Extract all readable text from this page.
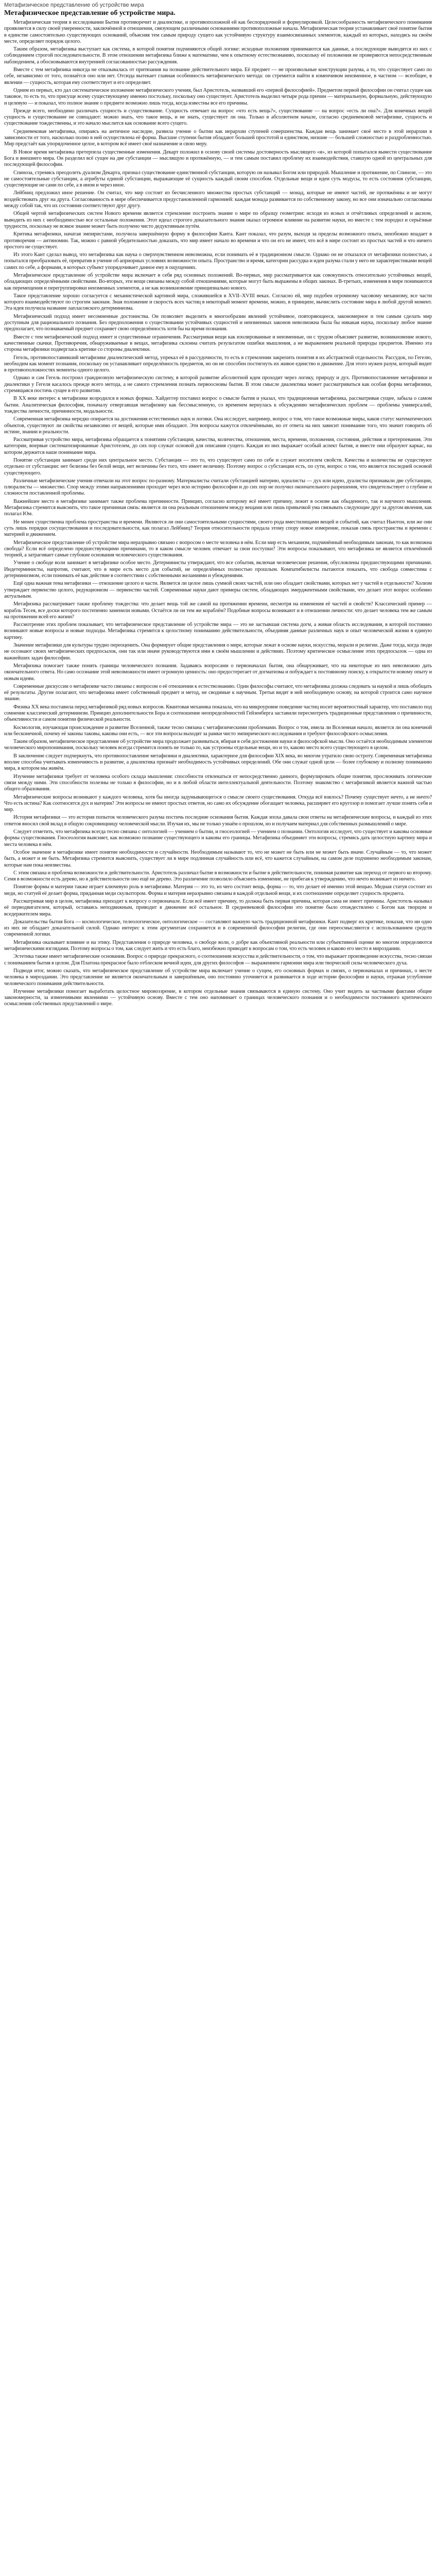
Метафизическое представление об устройстве мира
Метафизическое представление об устройстве мира.

Метафизическая теория в исследовании Бытия противоречит и диалектике, и противоположной ей как беспорядочной и формулировкой. Целесообразность метафизического понимания проявляется в силу своей умеренности, заключённой в отношении, связующем различными основаниями противоположные начала. Метафизическая теория устанавливает своё понятие бытия в единстве самостоятельно существующих оснований, объясняя тем самым природу сущего как устойчивую структуру взаимосвязанных элементов, каждый из которых, находясь на своём месте, определяет порядок целого.

Таким образом, метафизика выступает как система, в которой понятия подчиняются общей логике: исходные положения принимаются как данные, а последующие выводятся из них с соблюдением строгой последовательности. В этом отношении метафизика ближе к математике, чем к опытному естествознанию, поскольку её положения не проверяются непосредственным наблюдением, а обосновываются внутренней согласованностью рассуждения.

Вместе с тем метафизика никогда не отказывалась от притязания на познание действительного мира. Её предмет — не произвольные конструкции разума, а то, что существует само по себе, независимо от того, познаётся оно или нет. Отсюда вытекает главная особенность метафизического метода: он стремится найти в изменчивом неизменное, в частном — всеобщее, в явлении — сущность, которая ему соответствует и его определяет.

Одним из первых, кто дал систематическое изложение метафизического учения, был Аристотель, назвавший его «первой философией». Предметом первой философии он считал сущее как таковое, то есть то, что присуще всему существующему именно постольку, поскольку оно существует. Аристотель выделил четыре рода причин — материальную, формальную, действующую и целевую — и показал, что полное знание о предмете возможно лишь тогда, когда известны все его причины.

Прежде всего, необходимо различать сущность и существование. Сущность отвечает на вопрос «что есть вещь?», существование — на вопрос «есть ли она?». Для конечных вещей сущность и существование не совпадают: можно знать, что такое вещь, и не знать, существует ли она. Только в абсолютном начале, согласно средневековой метафизике, сущность и существование тождественны, и это начало мыслится как основание всего сущего.

Средневековая метафизика, опираясь на античное наследие, развила учение о бытии как иерархии ступеней совершенства. Каждая вещь занимает своё место в этой иерархии в зависимости от того, насколько полно в ней осуществлена её форма. Высшие ступени бытия обладают большей простотой и единством, низшие — большей сложностью и раздробленностью. Мир предстаёт как упорядоченное целое, в котором всё имеет своё назначение и свою меру.

В Новое время метафизика претерпела существенные изменения. Декарт положил в основу своей системы достоверность мыслящего «я», из которой попытался вывести существование Бога и внешнего мира. Он разделил всё сущее на две субстанции — мыслящую и протяжённую, — и тем самым поставил проблему их взаимодействия, ставшую одной из центральных для последующей философии.

Спиноза, стремясь преодолеть дуализм Декарта, признал существование единственной субстанции, которую он называл Богом или природой. Мышление и протяжение, по Спинозе, — это не самостоятельные субстанции, а атрибуты единой субстанции, выражающие её сущность каждый своим способом. Отдельные вещи и идеи суть модусы, то есть состояния субстанции, существующие не сами по себе, а в ином и через иное.

Лейбниц предложил иное решение. Он считал, что мир состоит из бесчисленного множества простых субстанций — монад, которые не имеют частей, не протяжённы и не могут воздействовать друг на друга. Согласованность в мире обеспечивается предустановленной гармонией: каждая монада развивается по собственному закону, но все они изначально согласованы между собой так, что их состояния соответствуют друг другу.

Общей чертой метафизических систем Нового времени является стремление построить знание о мире по образцу геометрии: исходя из ясных и отчётливых определений и аксиом, выводить из них с необходимостью все остальные положения. Этот идеал строгого доказательного знания оказал огромное влияние на развитие науки, но вместе с тем породил и серьёзные трудности, поскольку не всякое знание может быть получено чисто дедуктивным путём.

Критика метафизики, начатая эмпиристами, получила завершённую форму в философии Канта. Кант показал, что разум, выходя за пределы возможного опыта, неизбежно впадает в противоречия — антиномии. Так, можно с равной убедительностью доказать, что мир имеет начало во времени и что он его не имеет, что всё в мире состоит из простых частей и что ничего простого не существует.

Из этого Кант сделал вывод, что метафизика как наука о сверхчувственном невозможна, если понимать её в традиционном смысле. Однако он не отказался от метафизики полностью, а попытался преобразовать её, превратив в учение об априорных условиях возможности опыта. Пространство и время, категории рассудка и идеи разума стали у него не характеристиками вещей самих по себе, а формами, в которых субъект упорядочивает данное ему в ощущениях.

Метафизическое представление об устройстве мира включает в себя ряд основных положений. Во-первых, мир рассматривается как совокупность относительно устойчивых вещей, обладающих определёнными свойствами. Во-вторых, эти вещи связаны между собой отношениями, которые могут быть выражены в общих законах. В-третьих, изменения в мире понимаются как перемещения и перегруппировки неизменных элементов, а не как возникновение принципиально нового.

Такое представление хорошо согласуется с механистической картиной мира, сложившейся в XVII–XVIII веках. Согласно ей, мир подобен огромному часовому механизму, все части которого взаимодействуют по строгим законам. Зная положение и скорость всех частиц в некоторый момент времени, можно, в принципе, вычислить состояние мира в любой другой момент. Эта идея получила название лапласовского детерминизма.

Метафизический подход имеет несомненные достоинства. Он позволяет выделить в многообразии явлений устойчивое, повторяющееся, закономерное и тем самым сделать мир доступным для рационального познания. Без предположения о существовании устойчивых сущностей и неизменных законов невозможна была бы никакая наука, поскольку любое знание предполагает, что познаваемый предмет сохраняет свою определённость хотя бы на время познания.

Вместе с тем метафизический подход имеет и существенные ограничения. Рассматривая вещи как изолированные и неизменные, он с трудом объясняет развитие, возникновение нового, качественные скачки. Противоречия, обнаруживаемые в вещах, метафизика склонна считать результатом ошибки мышления, а не выражением реальной природы предметов. Именно эта сторона метафизики подверглась критике со стороны диалектики.

Гегель, противопоставивший метафизике диалектический метод, упрекал её в рассудочности, то есть в стремлении закрепить понятия в их абстрактной отдельности. Рассудок, по Гегелю, необходим как момент познания, поскольку он устанавливает определённость предметов, но он не способен постигнуть их живое единство и движение. Для этого нужен разум, который видит в противоположностях моменты одного целого.

Однако и сам Гегель построил грандиозную метафизическую систему, в которой развитие абсолютной идеи проходит через логику, природу и дух. Противопоставление метафизики и диалектики у Гегеля касалось прежде всего метода, а не самого стремления познать первоосновы бытия. В этом смысле диалектика может рассматриваться как особая форма метафизики, стремящаяся постичь сущее в его развитии.

В XX веке интерес к метафизике возродился в новых формах. Хайдеггер поставил вопрос о смысле бытия и указал, что традиционная метафизика, рассматривая сущее, забыла о самом бытии. Аналитическая философия, поначалу отвергавшая метафизику как бессмысленную, со временем вернулась к обсуждению метафизических проблем — проблемы универсалий, тождества личности, причинности, модальности.

Современная метафизика нередко опирается на достижения естественных наук и логики. Она исследует, например, вопрос о том, что такое возможные миры, каков статус математических объектов, существуют ли свойства независимо от вещей, которые ими обладают. Эти вопросы кажутся отвлечёнными, но от ответа на них зависит понимание того, что значит говорить об истине, знании и реальности.

Рассматривая устройство мира, метафизика обращается к понятиям субстанции, качества, количества, отношения, места, времени, положения, состояния, действия и претерпевания. Эти категории, впервые систематизированные Аристотелем, до сих пор служат основой для описания сущего. Каждая из них выражает особый аспект бытия, и вместе они образуют каркас, на котором держится наше понимание мира.

Понятие субстанции занимает среди них центральное место. Субстанция — это то, что существует само по себе и служит носителем свойств. Качества и количества не существуют отдельно от субстанции: нет белизны без белой вещи, нет величины без того, что имеет величину. Поэтому вопрос о субстанции есть, по сути, вопрос о том, что является последней основой существующего.

Различные метафизические учения отвечали на этот вопрос по-разному. Материалисты считали субстанцией материю, идеалисты — дух или идею, дуалисты признавали две субстанции, плюралисты — множество. Спор между этими направлениями проходит через всю историю философии и до сих пор не получил окончательного разрешения, что свидетельствует о глубине и сложности поставленной проблемы.

Важнейшее место в метафизике занимает также проблема причинности. Принцип, согласно которому всё имеет причину, лежит в основе как обыденного, так и научного мышления. Метафизика стремится выяснить, что такое причинная связь: является ли она реальным отношением между вещами или лишь привычкой ума связывать следующие друг за другом явления, как полагал Юм.

Не менее существенна проблема пространства и времени. Являются ли они самостоятельными сущностями, своего рода вместилищами вещей и событий, как считал Ньютон, или же они суть лишь порядки сосуществования и последовательности, как полагал Лейбниц? Теория относительности придала этому спору новое измерение, показав связь пространства и времени с материей и движением.

Метафизическое представление об устройстве мира неразрывно связано с вопросом о месте человека в нём. Если мир есть механизм, подчинённый необходимым законам, то как возможна свобода? Если всё определено предшествующими причинами, то в каком смысле человек отвечает за свои поступки? Эти вопросы показывают, что метафизика не является отвлечённой теорией, а затрагивает самые глубокие основания человеческого существования.

Учение о свободе воли занимает в метафизике особое место. Детерминисты утверждают, что все события, включая человеческие решения, обусловлены предшествующими причинами. Индетерминисты, напротив, считают, что в мире есть место для событий, не определённых полностью прошлым. Компатибилисты пытаются показать, что свобода совместима с детерминизмом, если понимать её как действие в соответствии с собственными желаниями и убеждениями.

Ещё одна важная тема метафизики — отношение целого и части. Является ли целое лишь суммой своих частей, или оно обладает свойствами, которых нет у частей в отдельности? Холизм утверждает первенство целого, редукционизм — первенство частей. Современные науки дают примеры систем, обладающих эмерджентными свойствами, что делает этот вопрос особенно актуальным.

Метафизика рассматривает также проблему тождества: что делает вещь той же самой на протяжении времени, несмотря на изменения её частей и свойств? Классический пример — корабль Тесея, все доски которого постепенно заменили новыми. Остаётся ли он тем же кораблём? Подобные вопросы возникают и в отношении личности: что делает человека тем же самым на протяжении всей его жизни?

Рассмотрение этих проблем показывает, что метафизическое представление об устройстве мира — это не застывшая система догм, а живая область исследования, в которой постоянно возникают новые вопросы и новые подходы. Метафизика стремится к целостному пониманию действительности, объединяя данные различных наук и опыт человеческой жизни в единую картину.

Значение метафизики для культуры трудно переоценить. Она формирует общие представления о мире, которые лежат в основе науки, искусства, морали и религии. Даже тогда, когда люди не осознают своих метафизических предпосылок, они так или иначе руководствуются ими в своём мышлении и действиях. Поэтому критическое осмысление этих предпосылок — одна из важнейших задач философии.

Метафизика помогает также понять границы человеческого познания. Задаваясь вопросами о первоначалах бытия, она обнаруживает, что на некоторые из них невозможно дать окончательного ответа. Но само осознание этой невозможности имеет огромную ценность: оно предостерегает от догматизма и побуждает к постоянному поиску, к открытости новому опыту и новым идеям.

Современные дискуссии о метафизике часто связаны с вопросом о её отношении к естествознанию. Одни философы считают, что метафизика должна следовать за наукой и лишь обобщать её результаты. Другие полагают, что метафизика имеет собственный предмет и метод, не сводимые к научным. Третьи видят в ней необходимую основу, на которой строится само научное знание.

Физика XX века поставила перед метафизикой ряд новых вопросов. Квантовая механика показала, что на микроуровне поведение частиц носит вероятностный характер, что поставило под сомнение классический детерминизм. Принцип дополнительности Бора и соотношение неопределённостей Гейзенберга заставили пересмотреть традиционные представления о причинности, объективности и самом понятии физической реальности.

Космология, изучающая происхождение и развитие Вселенной, также тесно связана с метафизическими проблемами. Вопрос о том, имела ли Вселенная начало, является ли она конечной или бесконечной, почему её законы таковы, каковы они есть, — все эти вопросы выходят за рамки чисто эмпирического исследования и требуют философского осмысления.

Таким образом, метафизическое представление об устройстве мира продолжает развиваться, вбирая в себя достижения науки и философской мысли. Оно остаётся необходимым элементом человеческого миропонимания, поскольку человек всегда стремится понять не только то, как устроены отдельные вещи, но и то, каково место всего существующего в целом.

В заключение следует подчеркнуть, что противопоставление метафизики и диалектики, характерное для философии XIX века, во многом утратило свою остроту. Современная метафизика вполне способна учитывать изменчивость и развитие, а диалектика признаёт необходимость устойчивых определений. Обе они служат одной цели — более глубокому и полному пониманию мира, в котором мы живём.

Изучение метафизики требует от человека особого склада мышления: способности отвлекаться от непосредственно данного, формулировать общие понятия, прослеживать логические связи между ними. Эти способности полезны не только в философии, но и в любой области интеллектуальной деятельности. Поэтому знакомство с метафизикой является важной частью общего образования.

Метафизические вопросы возникают у каждого человека, хотя бы иногда задумывающегося о смысле своего существования. Откуда всё взялось? Почему существует нечто, а не ничто? Что есть истина? Как соотносятся дух и материя? Эти вопросы не имеют простых ответов, но само их обсуждение обогащает человека, расширяет его кругозор и помогает лучше понять себя и мир.

История метафизики — это история попыток человеческого разума постичь последние основания бытия. Каждая эпоха давала свои ответы на метафизические вопросы, и каждый из этих ответов вносил свой вклад в общую сокровищницу человеческой мысли. Изучая их, мы не только узнаём о прошлом, но и получаем материал для собственных размышлений о мире.

Следует отметить, что метафизика всегда тесно связана с онтологией — учением о бытии, и гносеологией — учением о познании. Онтология исследует, что существует и каковы основные формы существования. Гносеология выясняет, как возможно познание существующего и каковы его границы. Метафизика объединяет эти вопросы, стремясь дать целостную картину мира и места человека в нём.

Особое значение в метафизике имеет понятие необходимости и случайности. Необходимым называют то, что не может не быть или не может быть иначе. Случайным — то, что может быть, а может и не быть. Метафизика стремится выяснить, существует ли в мире подлинная случайность или всё, что кажется случайным, на самом деле подчинено необходимым законам, которые нам пока неизвестны.

С этим связана и проблема возможности и действительности. Аристотель различал бытие в возможности и бытие в действительности, понимая развитие как переход от первого ко второму. Семя в возможности есть дерево, но в действительности оно ещё не дерево. Это различение позволило объяснить изменение, не прибегая к утверждению, что нечто возникает из ничего.

Понятие формы и материи также играет ключевую роль в метафизике. Материя — это то, из чего состоит вещь, форма — то, что делает её именно этой вещью. Медная статуя состоит из меди, но статуей её делает форма, приданная меди скульптором. Форма и материя неразрывно связаны в каждой отдельной вещи, и их соотношение определяет сущность предмета.

Рассматривая мир в целом, метафизика приходит к вопросу о первоначале. Если всё имеет причину, то должна быть первая причина, которая сама не имеет причины. Аристотель называл её перводвигателем, который, оставаясь неподвижным, приводит в движение всё остальное. В средневековой философии это понятие было отождествлено с Богом как творцом и вседержителем мира.

Доказательства бытия Бога — космологическое, телеологическое, онтологическое — составляют важную часть традиционной метафизики. Кант подверг их критике, показав, что ни одно из них не обладает доказательной силой. Однако интерес к этим аргументам сохраняется и в современной философии религии, где они переосмысляются с использованием средств современной логики.

Метафизика оказывает влияние и на этику. Представления о природе человека, о свободе воли, о добре как объективной реальности или субъективной оценке во многом определяются метафизическими взглядами. Поэтому вопросы о том, как следует жить и что есть благо, неизбежно приводят к вопросам о том, что есть человек и каково его место в мироздании.

Эстетика также имеет метафизические основания. Вопрос о природе прекрасного, о соотношении искусства и действительности, о том, что выражает произведение искусства, тесно связан с пониманием бытия в целом. Для Платона прекрасное было отблеском вечной идеи, для других философов — выражением гармонии мира или творческой силы человеческого духа.

Подводя итог, можно сказать, что метафизическое представление об устройстве мира включает учение о сущем, его основных формах и связях, о первоначалах и причинах, о месте человека в мироздании. Это представление не является окончательным и завершённым, оно постоянно уточняется и развивается в ходе истории философии и науки, отражая углубление человеческого понимания действительности.

Изучение метафизики помогает выработать целостное мировоззрение, в котором отдельные знания связываются в единую систему. Оно учит видеть за частными фактами общие закономерности, за изменчивыми явлениями — устойчивую основу. Вместе с тем оно напоминает о границах человеческого познания и о необходимости постоянного критического осмысления собственных представлений о мире.
